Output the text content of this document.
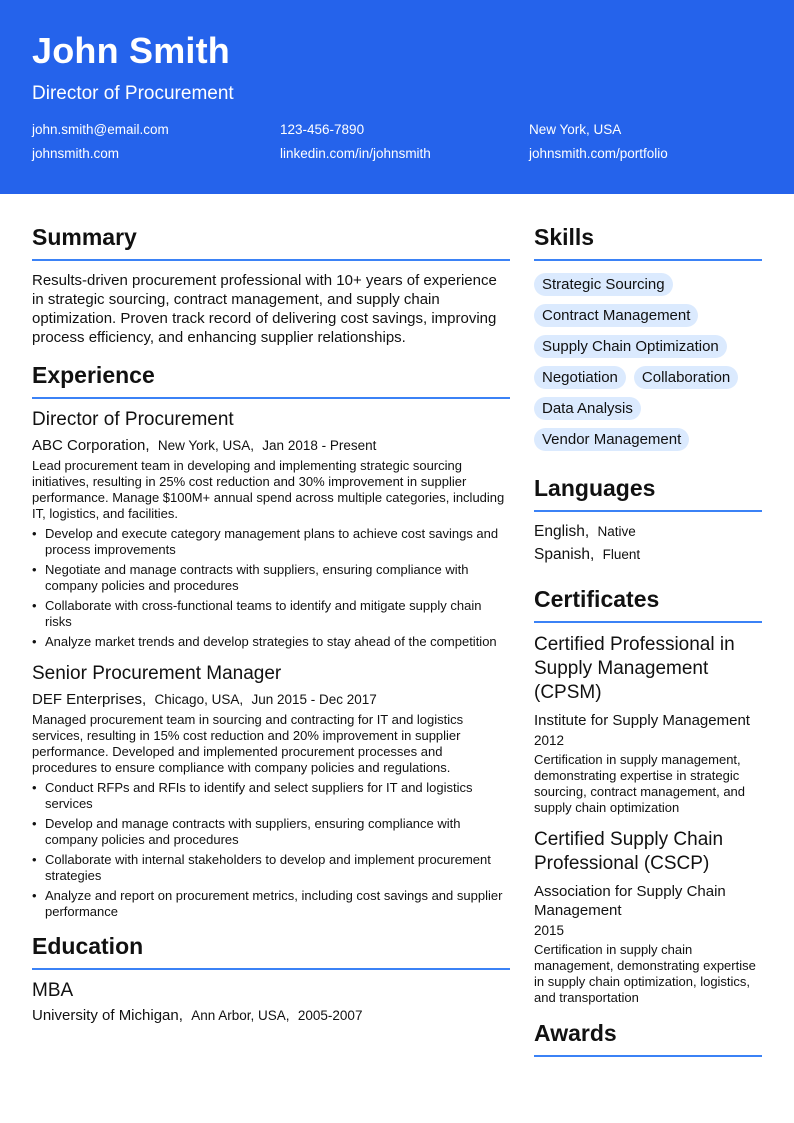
John Smith
Director of Procurement
john.smith@email.com	123-456-7890	New York, USA
johnsmith.com	linkedin.com/in/johnsmith	johnsmith.com/portfolio
Summary

Results-driven procurement professional with 10+ years of experience in strategic sourcing, contract management, and supply chain optimization. Proven track record of delivering cost savings, improving process efficiency, and enhancing supplier relationships.

Experience
Director of Procurement
ABC Corporation, New York, USA, Jan 2018 - Present

Lead procurement team in developing and implementing strategic sourcing initiatives, resulting in 25% cost reduction and 30% improvement in supplier performance. Manage $100M+ annual spend across multiple categories, including IT, logistics, and facilities.

• Develop and execute category management plans to achieve cost savings and process improvements
• Negotiate and manage contracts with suppliers, ensuring compliance with company policies and procedures
• Collaborate with cross-functional teams to identify and mitigate supply chain risks
• Analyze market trends and develop strategies to stay ahead of the competition
Senior Procurement Manager
DEF Enterprises, Chicago, USA, Jun 2015 - Dec 2017

Managed procurement team in sourcing and contracting for IT and logistics services, resulting in 15% cost reduction and 20% improvement in supplier performance. Developed and implemented procurement processes and procedures to ensure compliance with company policies and regulations.

• Conduct RFPs and RFIs to identify and select suppliers for IT and logistics services
• Develop and manage contracts with suppliers, ensuring compliance with company policies and procedures
• Collaborate with internal stakeholders to develop and implement procurement strategies
• Analyze and report on procurement metrics, including cost savings and supplier performance
Education
MBA
University of Michigan, Ann Arbor, USA, 2005-2007
Skills
Strategic Sourcing
Contract Management
Supply Chain Optimization
Negotiation	Collaboration
Data Analysis
Vendor Management
Languages
English, Native
Spanish, Fluent
Certificates
Certified Professional in Supply Management (CPSM)
Institute for Supply Management
2012

Certification in supply management, demonstrating expertise in strategic sourcing, contract management, and supply chain optimization

Certified Supply Chain Professional (CSCP)
Association for Supply Chain Management
2015

Certification in supply chain management, demonstrating expertise in supply chain optimization, logistics, and transportation

Awards
